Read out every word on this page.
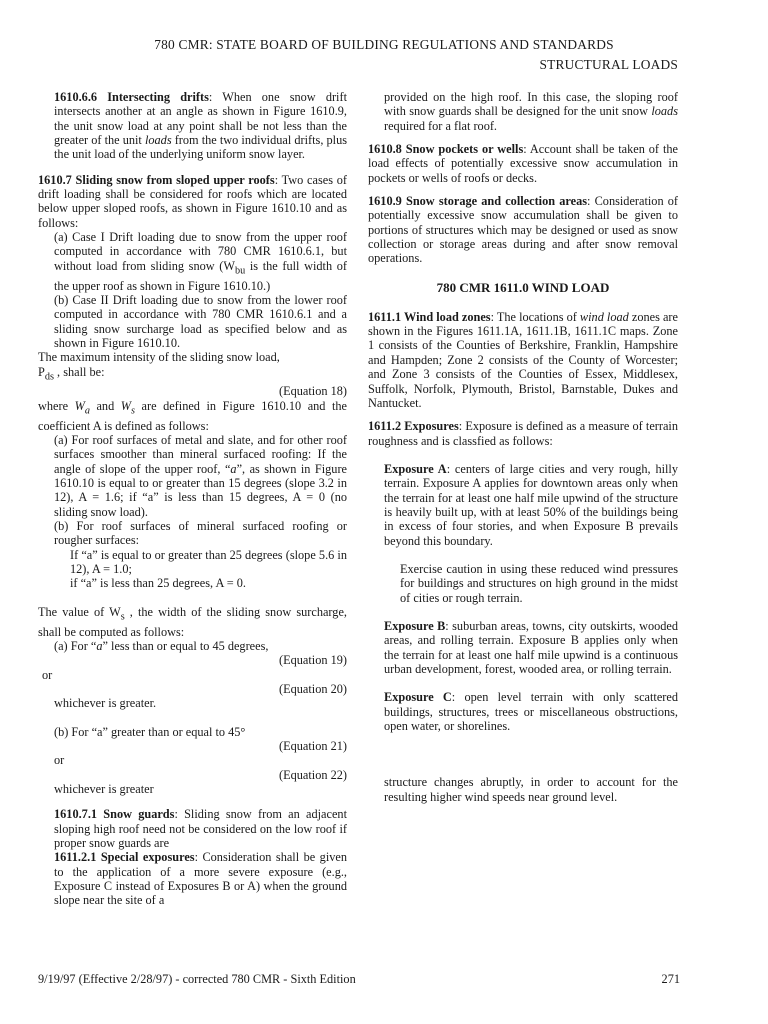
780 CMR: STATE BOARD OF BUILDING REGULATIONS AND STANDARDS
STRUCTURAL LOADS

1610.6.6 Intersecting drifts: When one snow drift intersects another at an angle as shown in Figure 1610.9, the unit snow load at any point shall be not less than the greater of the unit loads from the two individual drifts, plus the unit load of the underlying uniform snow layer.

1610.7 Sliding snow from sloped upper roofs: Two cases of drift loading shall be considered for roofs which are located below upper sloped roofs, as shown in Figure 1610.10 and as follows:

(a) Case I Drift loading due to snow from the upper roof computed in accordance with 780 CMR 1610.6.1, but without load from sliding snow ($W_{bu}$ is the full width of the upper roof as shown in Figure 1610.10.)

(b) Case II Drift loading due to snow from the lower roof computed in accordance with 780 CMR 1610.6.1 and a sliding snow surcharge load as specified below and as shown in Figure 1610.10.

The maximum intensity of the sliding snow load,
$P_{ds}$ , shall be:

(Equation 18)

where $W_a$ and $W_s$ are defined in Figure 1610.10 and the coefficient A is defined as follows:

(a) For roof surfaces of metal and slate, and for other roof surfaces smoother than mineral surfaced roofing: If the angle of slope of the upper roof, “a”, as shown in Figure 1610.10 is equal to or greater than 15 degrees (slope 3.2 in 12), A = 1.6; if “a” is less than 15 degrees, A = 0 (no sliding snow load).

(b) For roof surfaces of mineral surfaced roofing or rougher surfaces:

If “a” is equal to or greater than 25 degrees (slope 5.6 in 12), A = 1.0;

if “a” is less than 25 degrees, A = 0.

The value of $W_s$ , the width of the sliding snow surcharge, shall be computed as follows:

(a) For “a” less than or equal to 45 degrees,

(Equation 19)

or

(Equation 20)

whichever is greater.

(b) For “a” greater than or equal to 45°

(Equation 21)

or

(Equation 22)

whichever is greater

1610.7.1 Snow guards: Sliding snow from an adjacent sloping high roof need not be considered on the low roof if proper snow guards are

1611.2.1 Special exposures: Consideration shall be given to the application of a more severe exposure (e.g., Exposure C instead of Exposures B or A) when the ground slope near the site of a

provided on the high roof. In this case, the sloping roof with snow guards shall be designed for the unit snow loads required for a flat roof.

1610.8 Snow pockets or wells: Account shall be taken of the load effects of potentially excessive snow accumulation in pockets or wells of roofs or decks.

1610.9 Snow storage and collection areas: Consideration of potentially excessive snow accumulation shall be given to portions of structures which may be designed or used as snow collection or storage areas during and after snow removal operations.

780 CMR 1611.0 WIND LOAD

1611.1 Wind load zones: The locations of wind load zones are shown in the Figures 1611.1A, 1611.1B, 1611.1C maps. Zone 1 consists of the Counties of Berkshire, Franklin, Hampshire and Hampden; Zone 2 consists of the County of Worcester; and Zone 3 consists of the Counties of Essex, Middlesex, Suffolk, Norfolk, Plymouth, Bristol, Barnstable, Dukes and Nantucket.

1611.2 Exposures: Exposure is defined as a measure of terrain roughness and is classfied as follows:

Exposure A: centers of large cities and very rough, hilly terrain. Exposure A applies for downtown areas only when the terrain for at least one half mile upwind of the structure is heavily built up, with at least 50% of the buildings being in excess of four stories, and when Exposure B prevails beyond this boundary.

Exercise caution in using these reduced wind pressures for buildings and structures on high ground in the midst of cities or rough terrain.

Exposure B: suburban areas, towns, city outskirts, wooded areas, and rolling terrain. Exposure B applies only when the terrain for at least one half mile upwind is a continuous urban development, forest, wooded area, or rolling terrain.

Exposure C: open level terrain with only scattered buildings, structures, trees or miscellaneous obstructions, open water, or shorelines.

structure changes abruptly, in order to account for the resulting higher wind speeds near ground level.

9/19/97 (Effective 2/28/97) - corrected 780 CMR - Sixth Edition	271
